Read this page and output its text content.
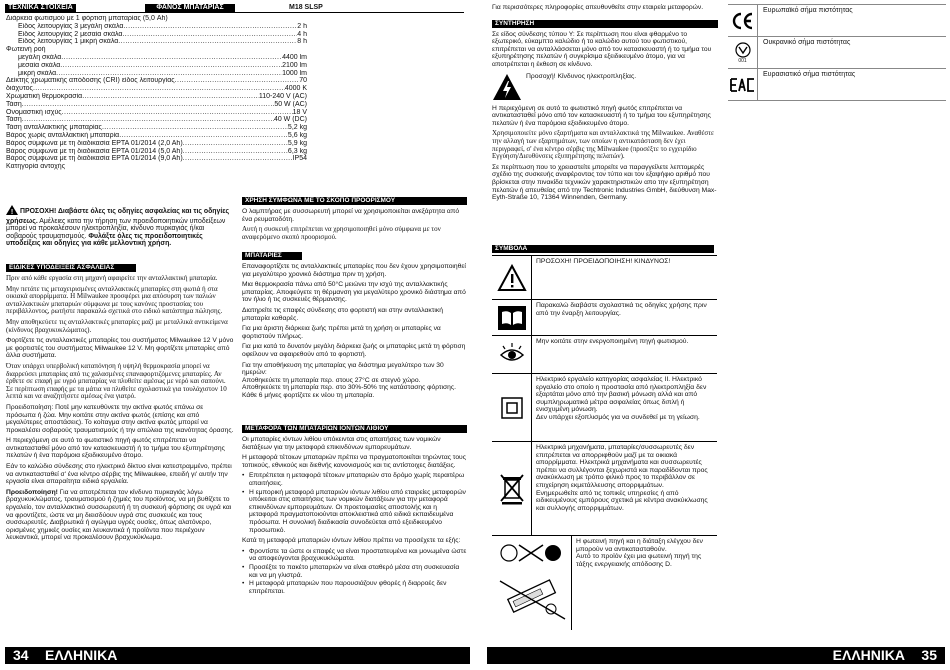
ΤΕΧΝΙΚΑ ΣΤΟΙΧΕΙΑ	ΦΑΝΟΣ ΜΠΑΤΑΡΙΑΣ	M18 SLSP
Διάρκεια φωτισμού με 1 φόρτιση μπαταρίας (5,0 Ah)
Είδος λειτουργίας 3 μεγάλη σκάλα .....	2 h
Είδος λειτουργίας 2 μεσαία σκάλα .....	4 h
Είδος λειτουργίας 1 μικρή σκάλα .....	8 h
Φωτεινή ροή
μεγάλη σκάλα .....	4400 lm
μεσαία σκάλα .....	2100 lm
μικρή σκάλα .....	1000 lm
Δείκτης χρωματικής απόδοσης (CRI) είδος λειτουργίας .....	70
διάχυτος .....	4000 K
Χρωματική θερμοκρασία .....	110-240 V (AC)
Τάση .....	50 W (AC)
Ονομαστική ισχύς .....	18 V
Τάση .....	40 W (DC)
Τάση ανταλλακτικής μπαταρίας .....	5,2 kg
Βάρος χωρίς ανταλλακτική μπαταρία .....	5,6 kg
Βάρος σύμφωνα με τη διαδικασία EPTA 01/2014 (2,0 Ah) .....	5,9 kg
Βάρος σύμφωνα με τη διαδικασία EPTA 01/2014 (5,0 Ah) .....	6,3 kg
Βάρος σύμφωνα με τη διαδικασία EPTA 01/2014 (9,0 Ah) .....	IP54
Κατηγορία αντοχής

! ΠΡΟΣΟΧΗ! Διαβάστε όλες τις οδηγίες ασφαλείας και τις οδηγίες χρήσεως. Αμέλειες κατα την τήρηση των προειδοποιητικών υποδείξεων μπορεί να προκαλέσουν ηλεκτροπληξία, κίνδυνο πυρκαγιάς ή/και σοβαρούς τραυματισμούς. Φυλάξτε όλες τις προειδοποιητικές υποδείξεις και οδηγίες για κάθε μελλοντική χρήση.

ΕΙΔΙΚΕΣ ΥΠΟΔΕΙΞΕΙΣ ΑΣΦΑΛΕΙΑΣ

Πριν από κάθε εργασία στη μηχανή αφαιρείτε την ανταλλακτική μπαταρία.

Μην πετάτε τις μεταχειρισμένες ανταλλακτικές μπαταρίες στη φωτιά ή στα οικιακά απορρίμματα. Η Milwaukee προσφέρει μια απόσυρση των παλιών ανταλλακτικών μπαταριών σύμφωνα με τους κανόνες προστασίας του περιβάλλοντος, ρωτήστε παρακαλώ σχετικά στο ειδικό κατάστημα πώλησης.

Μην αποθηκεύετε τις ανταλλακτικές μπαταρίες μαζί με μεταλλικά αντικείμενα (κίνδυνος βραχυκυκλώματος).

Φορτίζετε τις ανταλλακτικές μπαταρίες του συστήματος Milwaukee 12 V μόνο με φορτιστές του συστήματος Milwaukee 12 V. Μη φορτίζετε μπαταρίες από άλλα συστήματα.

Όταν υπάρχει υπερβολική καταπόνηση ή υψηλή θερμοκρασία μπορεί να διαρρεύσει μπαταρίας από τις χαλασμένες επαναφορτιζόμενες μπαταρίες. Αν έρθετε σε επαφή με υγρό μπαταρίας να πλυθείτε αμέσως με νερό και σαπούνι. Σε περίπτωση επαφής με τα μάτια να πλυθείτε σχολαστικά για τουλάχιστον 10 λεπτά και να αναζητήσετε αμέσως ένα γιατρό.

Προειδοποίηση: Ποτέ μην κατευθύνετε την ακτίνα φωτός επάνω σε πρόσωπα ή ζώα. Μην κοιτάτε στην ακτίνα φωτός (επίσης και από μεγαλύτερες αποστάσεις). Το κοίταγμα στην ακτίνα φωτός μπορεί να προκαλέσει σοβαρούς τραυματισμούς ή την απώλεια της ικανότητας όρασης.

Η περιεχόμενη σε αυτό το φωτιστικό πηγή φωτός επιτρέπεται να αντικατασταθεί μόνο από τον κατασκευαστή ή το τμήμα του εξυπηρέτησης πελατών ή ένα παρόμοια εξειδικευμένο άτομο.

Εάν το καλώδιο σύνδεσης στο ηλεκτρικό δίκτυο είναι κατεστραμμένο, πρέπει να αντικατασταθεί σ' ένα κέντρο σέρβις της Milwaukee, επειδή γι' αυτήν την εργασία είναι απαραίτητα ειδικά εργαλεία.

Προειδοποίηση! Για να αποτρέπεται τον κίνδυνο πυρκαγιάς λόγω βραχυκυκλώματος, τραυματισμού ή ζημιές του προϊόντος, να μη βυθίζετε το εργαλείο, τον ανταλλακτικό συσσωρευτή ή τη συσκευή φόρτισης σε υγρά και να φροντίζετε, ώστε να μη διεισδύουν υγρά στις συσκευές και τους συσσωρευτές. Διαβρωτικά ή αγώγιμα υγρές ουσίες, όπως αλατόνερο, ορισμένες χημικές ουσίες και λευκαντικά ή προϊόντα που περιέχουν λευκαντικά, μπορεί να προκαλέσουν βραχυκύκλωμα.

ΧΡΗΣΗ ΣΥΜΦΩΝΑ ΜΕ ΤΟ ΣΚΟΠΟ ΠΡΟΟΡΙΣΜΟΥ

Ο λαμπτήρας με συσσωρευτή μπορεί να χρησιμοποιείται ανεξάρτητα από ένα ρευματοδότη.

Αυτή η συσκευή επιτρέπεται να χρησιμοποιηθεί μόνο σύμφωνα με τον αναφερόμενο σκοπό προορισμού.

ΜΠΑΤΑΡΙΕΣ

Επαναφορτίζετε τις ανταλλακτικές μπαταρίες που δεν έχουν χρησιμοποιηθεί για μεγαλύτερο χρονικό διάστημα πριν τη χρήση.

Μια θερμοκρασία πάνω από 50°C μειώνει την ισχύ της ανταλλακτικής μπαταρίας. Αποφεύγετε τη θέρμανση για μεγαλύτερο χρονικό διάστημα από τον ήλιο ή τις συσκευές θέρμανσης.

Διατηρείτε τις επαφές σύνδεσης στο φορτιστή και στην ανταλλακτική μπαταρία καθαρές.

Για μια άριστη διάρκεια ζωής πρέπει μετά τη χρήση οι μπαταρίες να φορτιστούν πλήρως.

Για μια κατά το δυνατόν μεγάλη διάρκεια ζωής οι μπαταρίες μετά τη φόρτιση οφείλουν να αφαιρεθούν από το φορτιστή.

Για την αποθήκευση της μπαταρίας για διάστημα μεγαλύτερο των 30 ημερών:
Αποθηκεύετε τη μπαταρία περ. στους 27°C σε στεγνό χώρο.
Αποθηκεύετε τη μπαταρία περ. στο 30%-50% της κατάστασης φόρτισης.
Κάθε 6 μήνες φορτίζετε εκ νέου τη μπαταρία.

ΜΕΤΑΦΟΡΑ ΤΩΝ ΜΠΑΤΑΡΙΩΝ ΙΟΝΤΩΝ ΛΙΘΙΟΥ

Οι μπαταρίες ιόντων λιθίου υπόκεινται στις απαιτήσεις των νομικών διατάξεων για την μεταφορά επικινδύνων εμπορευμάτων.

Η μεταφορά τέτοιων μπαταριών πρέπει να πραγματοποιείται τηρώντας τους τοπικούς, εθνικούς και διεθνής κανονισμούς και τις αντίστοιχες διατάξεις.

• Επιτρέπεται η μεταφορά τέτοιων μπαταριών στο δρόμο χωρίς περαιτέρω απαιτήσεις.
• Η εμπορική μεταφορά μπαταριών ιόντων λιθίου από εταιρείες μεταφορών υπόκειται στις απαιτήσεις των νομικών διατάξεων για την μεταφορά επικινδύνων εμπορευμάτων. Οι προετοιμασίες αποστολής και η μεταφορά πραγματοποιούνται αποκλειστικά από ειδικά εκπαιδευμένα πρόσωπα. Η συνολική διαδικασία συνοδεύεται από εξειδικευμένο προσωπικό.

Κατά τη μεταφορά μπαταριών ιόντων λιθίου πρέπει να προσέχετε τα εξής:

• Φροντίστε τα ώστε οι επαφές να είναι προστατευμένα και μονωμένα ώστε να αποφεύγονται βραχυκυκλώματα.
• Προσέξτε το πακέτο μπαταριών να είναι σταθερό μέσα στη συσκευασία και να μη γλιστρά.
• Η μεταφορά μπαταριών που παρουσιάζουν φθορές ή διαρροές δεν επιτρέπεται.
34 ΕΛΛΗΝΙΚΑ

Για περισσότερες πληροφορίες απευθυνθείτε στην εταιρεία μεταφορών.

ΣΥΝΤΗΡΗΣΗ

Σε είδος σύνδεσης τύπου Y: Σε περίπτωση που είναι φθαρμένο το εξωτερικό, εύκαμπτο καλώδιο ή το καλώδιο αυτού του φωτιστικού, επιτρέπεται να ανταλλάσσεται μόνο από τον κατασκευαστή ή το τμήμα του εξυπηρέτησης πελατών ή συγκρίσιμα εξειδικευμένο άτομο, για να αποτρέπεται η έκθεση σε κίνδυνο.

Προσοχή! Κίνδυνος ηλεκτροπληξίας.

Η περιεχόμενη σε αυτό το φωτιστικό πηγή φωτός επιτρέπεται να αντικατασταθεί μόνο από τον κατασκευαστή ή το τμήμα του εξυπηρέτησης πελατών ή ένα παρόμοια εξειδικευμένο άτομο.

Χρησιμοποιείτε μόνο εξαρτήματα και ανταλλακτικά της Milwaukee. Αναθέστε την αλλαγή των εξαρτημάτων, των οποίων η αντικατάσταση δεν έχει περιγραφεί, σ' ένα κέντρο σέρβις της Milwaukee (προσέξτε το εγχειρίδιο Εγγύηση/Διευθύνσεις εξυπηρέτησης πελατών).

Σε περίπτωση που το χρειαστείτε μπορείτε να παραγγείλετε λεπτομερές σχέδιο της συσκευής αναφέροντας τον τύπο και τον εξαψήφιο αριθμό που βρίσκεται στην πινακίδα τεχνικών χαρακτηριστικών απο την εξυπηρέτηση πελατών ή απευθείας από την Techtronic Industries GmbH, διεύθυνση Max-Eyth-Straße 10, 71364 Winnenden, Germany.

Ευρωπαϊκό σήμα πιστότητας
001
Ουκρανικό σήμα πιστότητας
Ευρασιατικό σήμα πιστότητας
ΣΥΜΒΟΛΑ
ΠΡΟΣΟΧΗ! ΠΡΟΕΙΔΟΠΟΙΗΣΗ! ΚΙΝΔΥΝΟΣ!
Παρακαλώ διαβάστε σχολαστικά τις οδηγίες χρήσης πριν από την έναρξη λειτουργίας.
Μην κοιτάτε στην ενεργοποιημένη πηγή φωτισμού.
Ηλεκτρικό εργαλείο κατηγορίας ασφαλείας II. Ηλεκτρικό εργαλείο στο οποίο η προστασία από ηλεκτροπληξία δεν εξαρτάται μόνο από την βασική μόνωση αλλά και από συμπληρωματικά μέτρα ασφαλείας όπως διπλή ή ενισχυμένη μόνωση.
Δεν υπάρχει εξοπλισμός για να συνδεθεί με τη γείωση.
Ηλεκτρικά μηχανήματα, μπαταρίες/συσσωρευτές δεν επιτρέπεται να απορριφθούν μαζί με τα οικιακά απορρίμματα. Ηλεκτρικά μηχανήματα και συσσωρευτές πρέπει να συλλέγονται ξεχωριστά και παραδίδονται προς ανακύκλωση με τρόπο φιλικό προς το περιβάλλον σε επιχείρηση εκμετάλλευσης απορριμμάτων.
Ενημερωθείτε από τις τοπικές υπηρεσίες ή από ειδικευμένους εμπόρους σχετικά με κέντρα ανακύκλωσης και συλλογής απορριμμάτων.
Η φωτεινή πηγή και η διάταξη ελέγχου δεν μπορούν να αντικατασταθούν.
Αυτό το προϊόν έχει μια φωτεινή πηγή της τάξης ενεργειακής απόδοσης D.
ΕΛΛΗΝΙΚΑ 35
